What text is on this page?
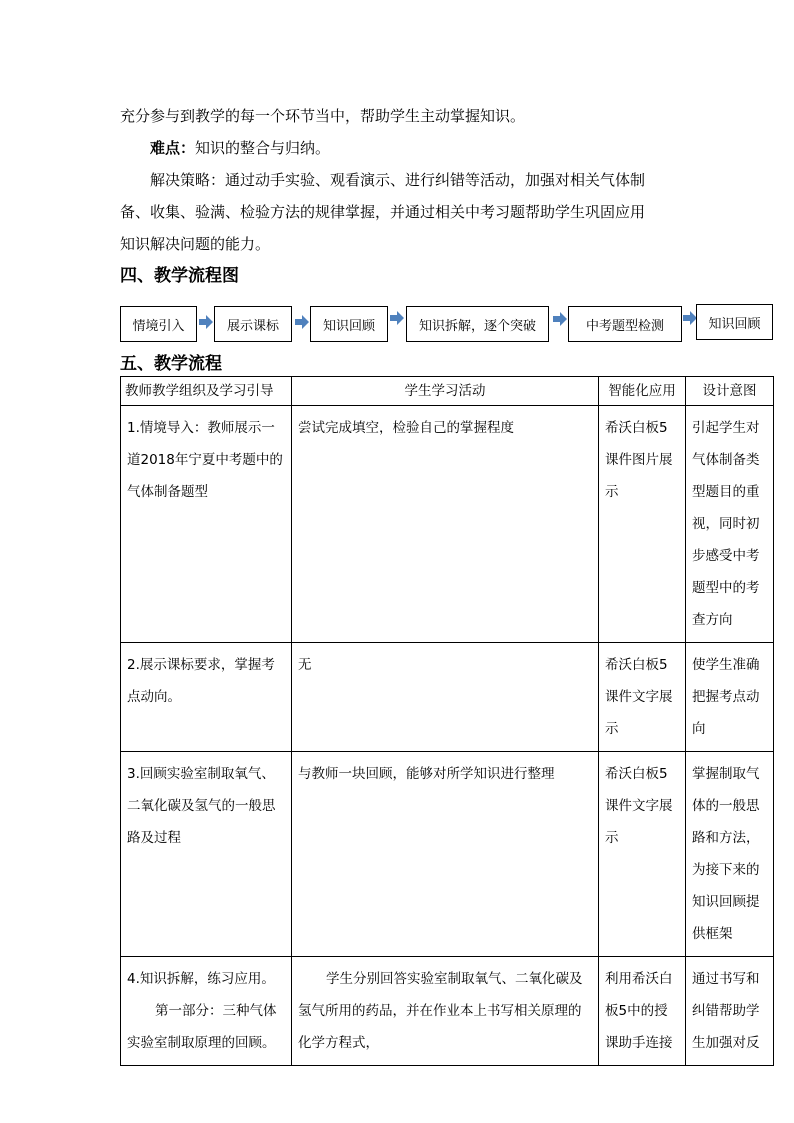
充分参与到教学的每一个环节当中，帮助学生主动掌握知识。

难点：知识的整合与归纳。

解决策略：通过动手实验、观看演示、进行纠错等活动，加强对相关气体制

备、收集、验满、检验方法的规律掌握，并通过相关中考习题帮助学生巩固应用

知识解决问题的能力。

四、教学流程图
情境引入	展示课标	知识回顾	知识拆解，逐个突破	中考题型检测	知识回顾
五、教学流程
教师教学组织及学习引导	学生学习活动	智能化应用	设计意图
1.情境导入：教师展示一道2018年宁夏中考题中的气体制备题型	尝试完成填空，检验自己的掌握程度	希沃白板5课件图片展示	引起学生对气体制备类型题目的重视，同时初步感受中考题型中的考查方向
2.展示课标要求，掌握考点动向。	无	希沃白板5课件文字展示	使学生准确把握考点动向
3.回顾实验室制取氧气、二氧化碳及氢气的一般思路及过程	与教师一块回顾，能够对所学知识进行整理	希沃白板5课件文字展示	掌握制取气体的一般思路和方法，为接下来的知识回顾提供框架

4.知识拆解，练习应用。
第一部分：三种气体实验室制取原理的回顾。	学生分别回答实验室制取氧气、二氧化碳及氢气所用的药品，并在作业本上书写相关原理的化学方程式，	利用希沃白板5中的授课助手连接	通过书写和纠错帮助学生加强对反
